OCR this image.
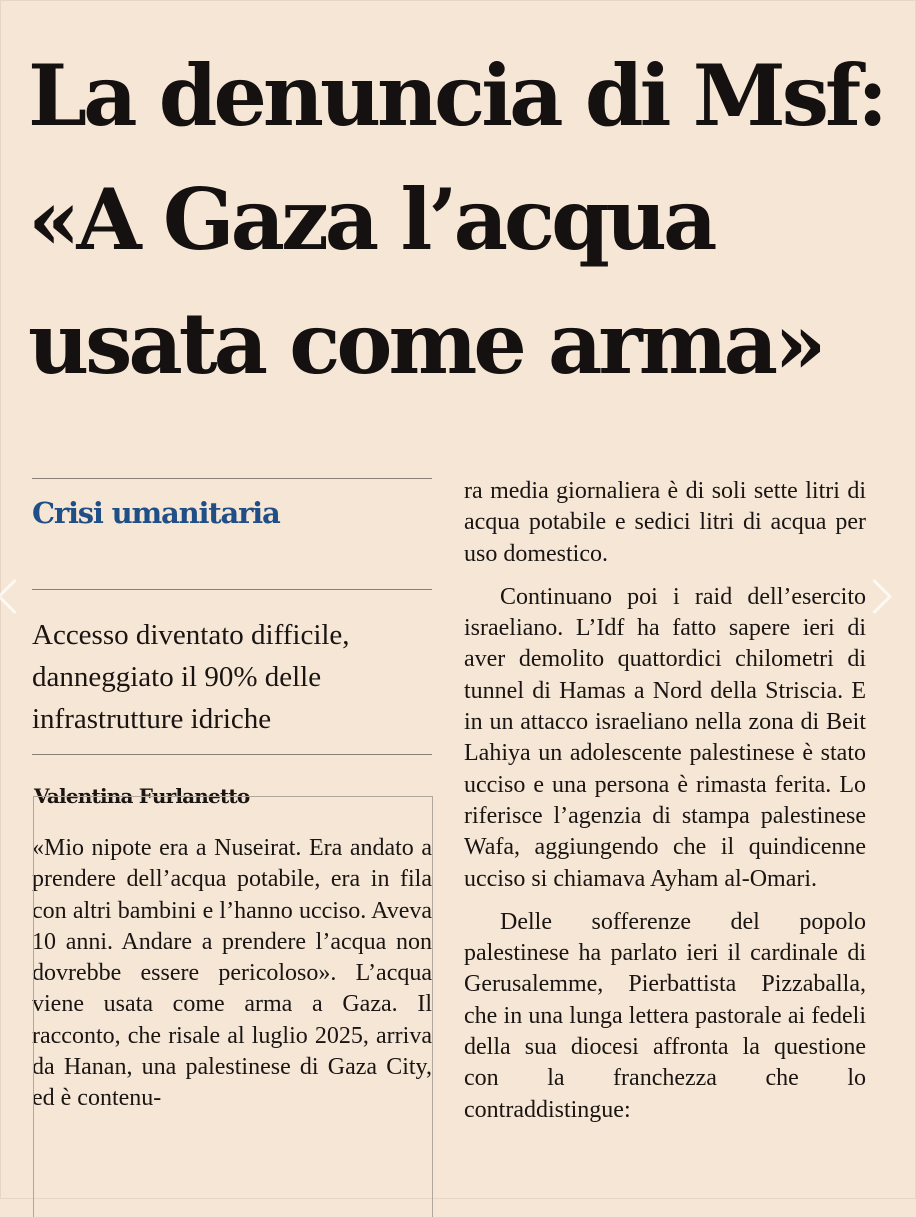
La denuncia di Msf:
«A Gaza l’acqua
usata come arma»
Crisi umanitaria

Accesso diventato difficile, danneggiato il 90% delle infrastrutture idriche

Valentina Furlanetto

«Mio nipote era a Nuseirat. Era andato a prendere dell’acqua potabile, era in fila con altri bambini e l’hanno ucciso. Aveva 10 anni. Andare a prendere l’acqua non dovrebbe essere pericoloso». L’acqua viene usata come arma a Gaza. Il racconto, che risale al luglio 2025, arriva da Hanan, una palestinese di Gaza City, ed è contenu-

ra media giornaliera è di soli sette litri di acqua potabile e sedici litri di acqua per uso domestico.

Continuano poi i raid dell’esercito israeliano. L’Idf ha fatto sapere ieri di aver demolito quattordici chilometri di tunnel di Hamas a Nord della Striscia. E in un attacco israeliano nella zona di Beit Lahiya un adolescente palestinese è stato ucciso e una persona è rimasta ferita. Lo riferisce l’agenzia di stampa palestinese Wafa, aggiungendo che il quindicenne ucciso si chiamava Ayham al-Omari.

Delle sofferenze del popolo palestinese ha parlato ieri il cardinale di Gerusalemme, Pierbattista Pizzaballa, che in una lunga lettera pastorale ai fedeli della sua diocesi affronta la questione con la franchezza che lo contraddistingue:
